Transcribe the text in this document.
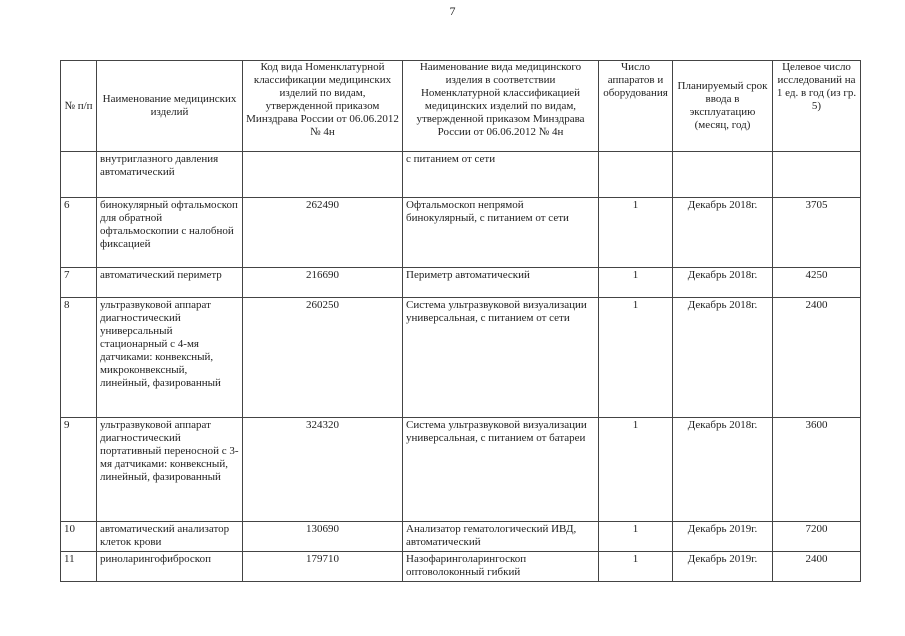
7
№ п/п	Наименование медицинских изделий	Код вида Номенклатурной классификации медицинских изделий по видам, утвержденной приказом Минздрава России от 06.06.2012 № 4н	Наименование вида медицинского изделия в соответствии Номенклатурной классификацией медицинских изделий по видам, утвержденной приказом Минздрава России от 06.06.2012 № 4н	Число аппаратов и оборудования	Планируемый срок ввода в эксплуатацию (месяц, год)	Целевое число исследований на 1 ед. в год (из гр. 5)
	внутриглазного давления автоматический		с питанием от сети			
6	бинокулярный офтальмоскоп для обратной офтальмоскопии с налобной фиксацией	262490	Офтальмоскоп непрямой бинокулярный, с питанием от сети	1	Декабрь 2018г.	3705
7	автоматический периметр	216690	Периметр автоматический	1	Декабрь 2018г.	4250
8	ультразвуковой аппарат диагностический универсальный стационарный с 4-мя датчиками: конвексный, микроконвексный, линейный, фазированный	260250	Система ультразвуковой визуализации универсальная, с питанием от сети	1	Декабрь 2018г.	2400
9	ультразвуковой аппарат диагностический портативный переносной с 3-мя датчиками: конвексный, линейный, фазированный	324320	Система ультразвуковой визуализации универсальная, с питанием от батареи	1	Декабрь 2018г.	3600
10	автоматический анализатор клеток крови	130690	Анализатор гематологический ИВД, автоматический	1	Декабрь 2019г.	7200
11	риноларингофиброскоп	179710	Назофаринголарингоскоп оптоволоконный гибкий	1	Декабрь 2019г.	2400
